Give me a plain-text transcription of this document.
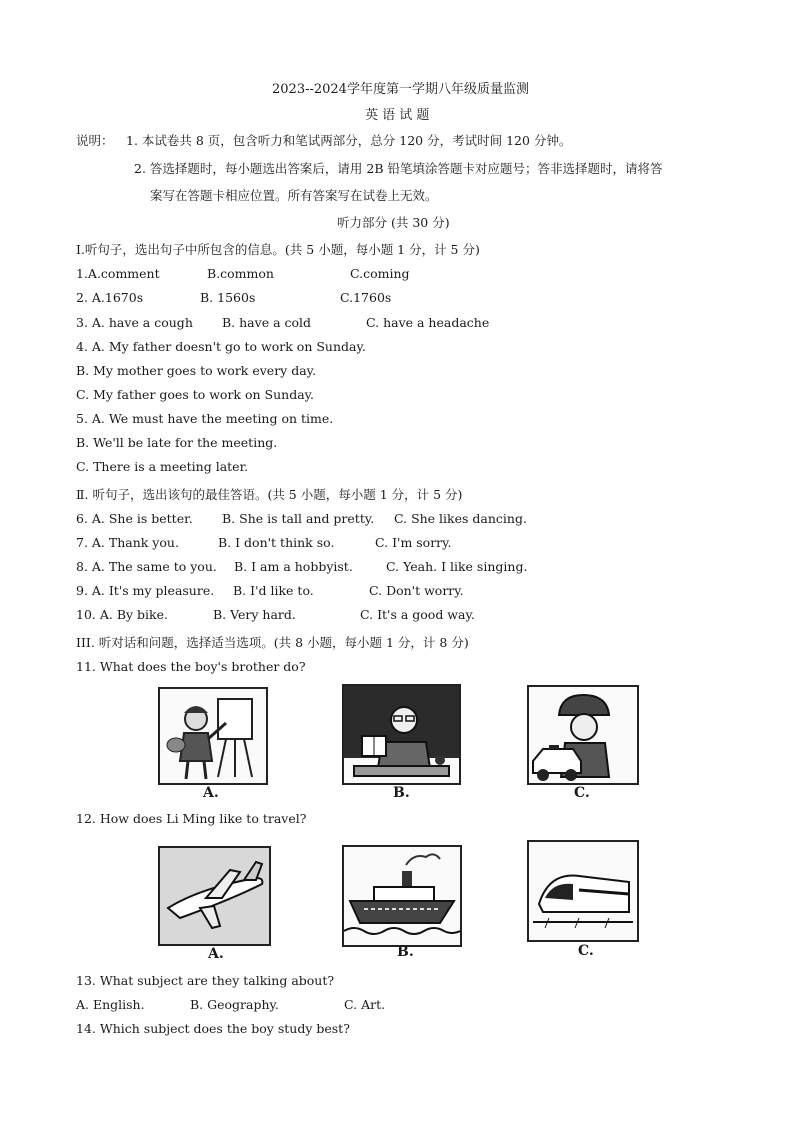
2023--2024学年度第一学期八年级质量监测
英 语 试 题
说明： 1. 本试卷共 8 页，包含听力和笔试两部分，总分 120 分，考试时间 120 分钟。
2. 答选择题时，每小题选出答案后，请用 2B 铅笔填涂答题卡对应题号；答非选择题时，请将答
案写在答题卡相应位置。所有答案写在试卷上无效。
听力部分 (共 30 分)
I.听句子，选出句子中所包含的信息。(共 5 小题，每小题 1 分，计 5 分)
1.A.comment	B.common	C.coming
2. A.1670s	B. 1560s	C.1760s
3. A. have a cough B. have a cold	C. have a headache
4. A. My father doesn't go to work on Sunday.
B. My mother goes to work every day.
C. My father goes to work on Sunday.
5. A. We must have the meeting on time.
B. We'll be late for the meeting.
C. There is a meeting later.
Ⅱ. 听句子，选出该句的最佳答语。(共 5 小题，每小题 1 分，计 5 分)
6. A. She is better. B. She is tall and pretty. C. She likes dancing.
7. A. Thank you.	B. I don't think so.	C. I'm sorry.
8. A. The same to you. B. I am a hobbyist.	C. Yeah. I like singing.
9. A. It's my pleasure. B. I'd like to.	C. Don't worry.
10. A. By bike.	B. Very hard.	C. It's a good way.
III. 听对话和问题，选择适当选项。(共 8 小题，每小题 1 分，计 8 分)
11. What does the boy's brother do?
A.	B.	C.
12. How does Li Ming like to travel?
A.	B.	C.
13. What subject are they talking about?
A. English.	B. Geography.	C. Art.
14. Which subject does the boy study best?
